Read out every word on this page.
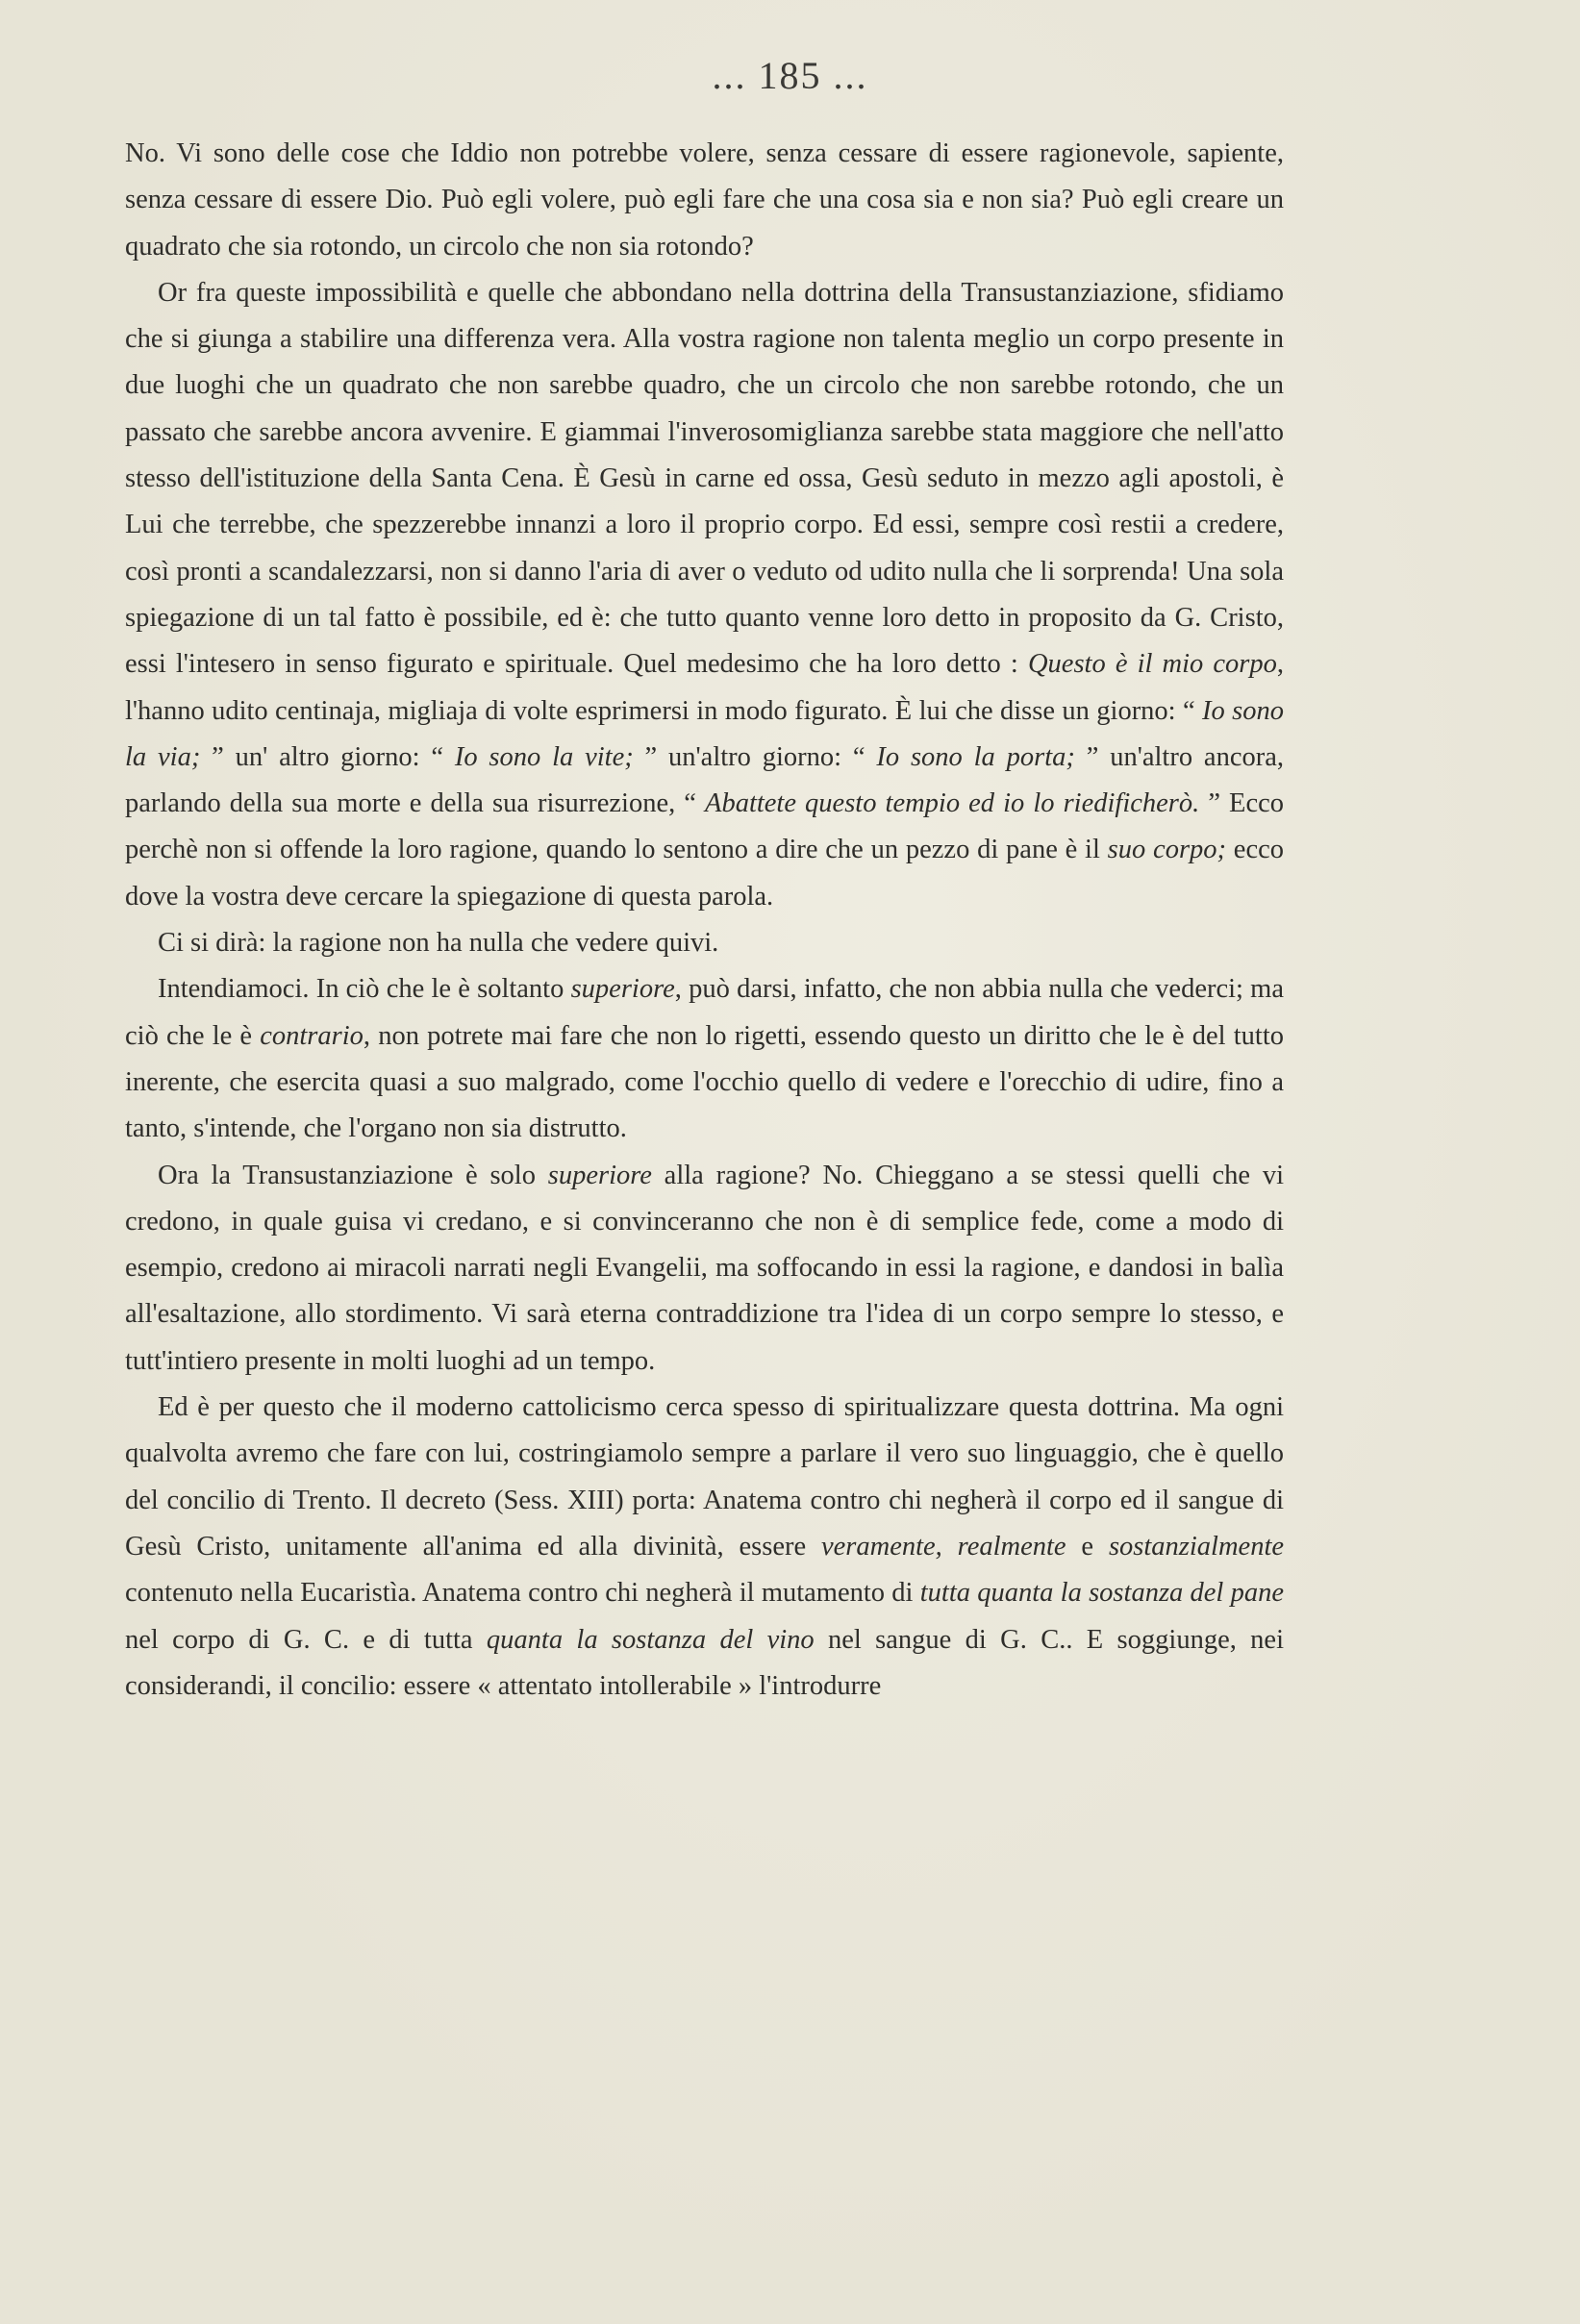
... 185 ...

No. Vi sono delle cose che Iddio non potrebbe volere, senza cessare di essere ragionevole, sapiente, senza cessare di essere Dio. Può egli volere, può egli fare che una cosa sia e non sia? Può egli creare un quadrato che sia rotondo, un circolo che non sia rotondo?

Or fra queste impossibilità e quelle che abbondano nella dottrina della Transustanziazione, sfidiamo che si giunga a stabilire una differenza vera. Alla vostra ragione non talenta meglio un corpo presente in due luoghi che un quadrato che non sarebbe quadro, che un circolo che non sarebbe rotondo, che un passato che sarebbe ancora avvenire. E giammai l'inverosomiglianza sarebbe stata maggiore che nell'atto stesso dell'istituzione della Santa Cena. È Gesù in carne ed ossa, Gesù seduto in mezzo agli apostoli, è Lui che terrebbe, che spezzerebbe innanzi a loro il proprio corpo. Ed essi, sempre così restii a credere, così pronti a scandalezzarsi, non si danno l'aria di aver o veduto od udito nulla che li sorprenda! Una sola spiegazione di un tal fatto è possibile, ed è: che tutto quanto venne loro detto in proposito da G. Cristo, essi l'intesero in senso figurato e spirituale. Quel medesimo che ha loro detto : Questo è il mio corpo, l'hanno udito centinaja, migliaja di volte esprimersi in modo figurato. È lui che disse un giorno: “ Io sono la via; ” un' altro giorno: “ Io sono la vite; ” un'altro giorno: “ Io sono la porta; ” un'altro ancora, parlando della sua morte e della sua risurrezione, “ Abattete questo tempio ed io lo riedificherò. ” Ecco perchè non si offende la loro ragione, quando lo sentono a dire che un pezzo di pane è il suo corpo; ecco dove la vostra deve cercare la spiegazione di questa parola.

Ci si dirà: la ragione non ha nulla che vedere quivi.

Intendiamoci. In ciò che le è soltanto superiore, può darsi, infatto, che non abbia nulla che vederci; ma ciò che le è contrario, non potrete mai fare che non lo rigetti, essendo questo un diritto che le è del tutto inerente, che esercita quasi a suo malgrado, come l'occhio quello di vedere e l'orecchio di udire, fino a tanto, s'intende, che l'organo non sia distrutto.

Ora la Transustanziazione è solo superiore alla ragione? No. Chieggano a se stessi quelli che vi credono, in quale guisa vi credano, e si convinceranno che non è di semplice fede, come a modo di esempio, credono ai miracoli narrati negli Evangelii, ma soffocando in essi la ragione, e dandosi in balìa all'esaltazione, allo stordimento. Vi sarà eterna contraddizione tra l'idea di un corpo sempre lo stesso, e tutt'intiero presente in molti luoghi ad un tempo.

Ed è per questo che il moderno cattolicismo cerca spesso di spiritualizzare questa dottrina. Ma ogni qualvolta avremo che fare con lui, costringiamolo sempre a parlare il vero suo linguaggio, che è quello del concilio di Trento. Il decreto (Sess. XIII) porta: Anatema contro chi negherà il corpo ed il sangue di Gesù Cristo, unitamente all'anima ed alla divinità, essere veramente, realmente e sostanzialmente contenuto nella Eucaristìa. Anatema contro chi negherà il mutamento di tutta quanta la sostanza del pane nel corpo di G. C. e di tutta quanta la sostanza del vino nel sangue di G. C.. E soggiunge, nei considerandi, il concilio: essere « attentato intollerabile » l'introdurre
